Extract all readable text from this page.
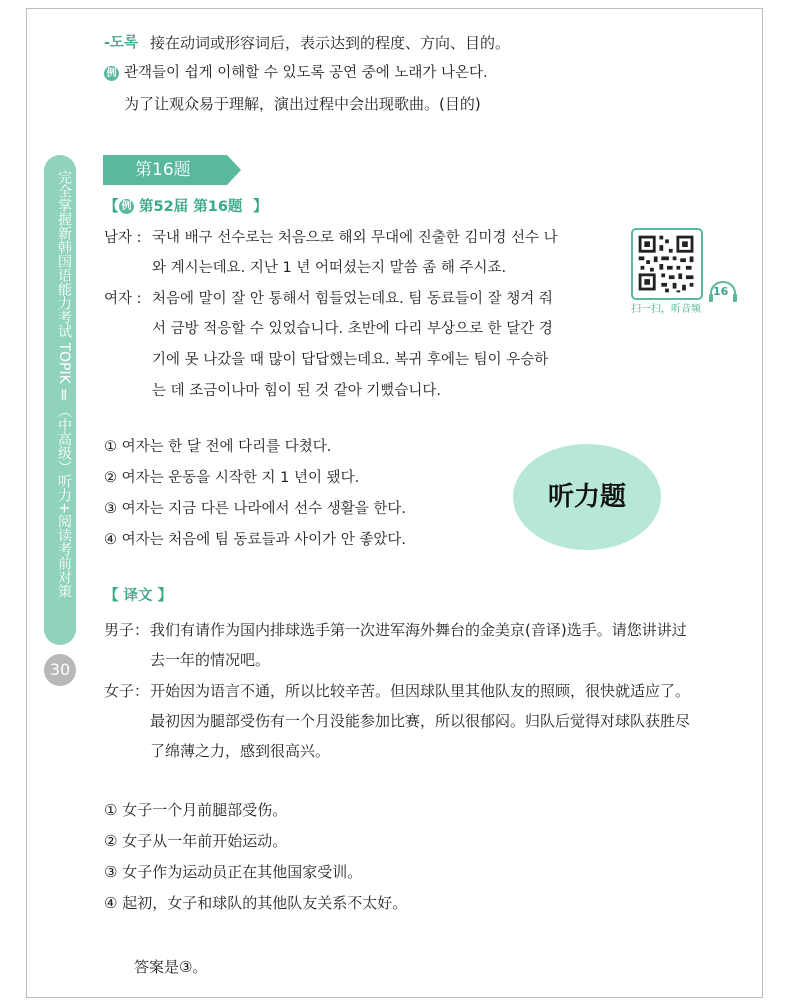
完全掌握新韩国语能力考试 TOPIK Ⅱ（中高级）听力+阅读考前对策
30
-도록 接在动词或形容词后，表示达到的程度、方向、目的。
例 관객들이 쉽게 이해할 수 있도록 공연 중에 노래가 나온다.
为了让观众易于理解，演出过程中会出现歌曲。(目的)
第16题
【 例 第52届 第16题 】
남자 : 국내 배구 선수로는 처음으로 해외 무대에 진출한 김미경 선수 나
와 계시는데요. 지난 1 년 어떠셨는지 말씀 좀 해 주시죠.
여자 : 처음에 말이 잘 안 통해서 힘들었는데요. 팀 동료들이 잘 챙겨 줘
서 금방 적응할 수 있었습니다. 초반에 다리 부상으로 한 달간 경
기에 못 나갔을 때 많이 답답했는데요. 복귀 후에는 팀이 우승하
는 데 조금이나마 힘이 된 것 같아 기뻤습니다.
16
扫一扫，听音频
① 여자는 한 달 전에 다리를 다쳤다.
② 여자는 운동을 시작한 지 1 년이 됐다.
③ 여자는 지금 다른 나라에서 선수 생활을 한다.
④ 여자는 처음에 팀 동료들과 사이가 안 좋았다.
听力题
【 译文 】
男子： 我们有请作为国内排球选手第一次进军海外舞台的金美京(音译)选手。请您讲讲过
去一年的情况吧。
女子： 开始因为语言不通，所以比较辛苦。但因球队里其他队友的照顾，很快就适应了。
最初因为腿部受伤有一个月没能参加比赛，所以很郁闷。归队后觉得对球队获胜尽
了绵薄之力，感到很高兴。
① 女子一个月前腿部受伤。
② 女子从一年前开始运动。
③ 女子作为运动员正在其他国家受训。
④ 起初，女子和球队的其他队友关系不太好。
答案是③。
